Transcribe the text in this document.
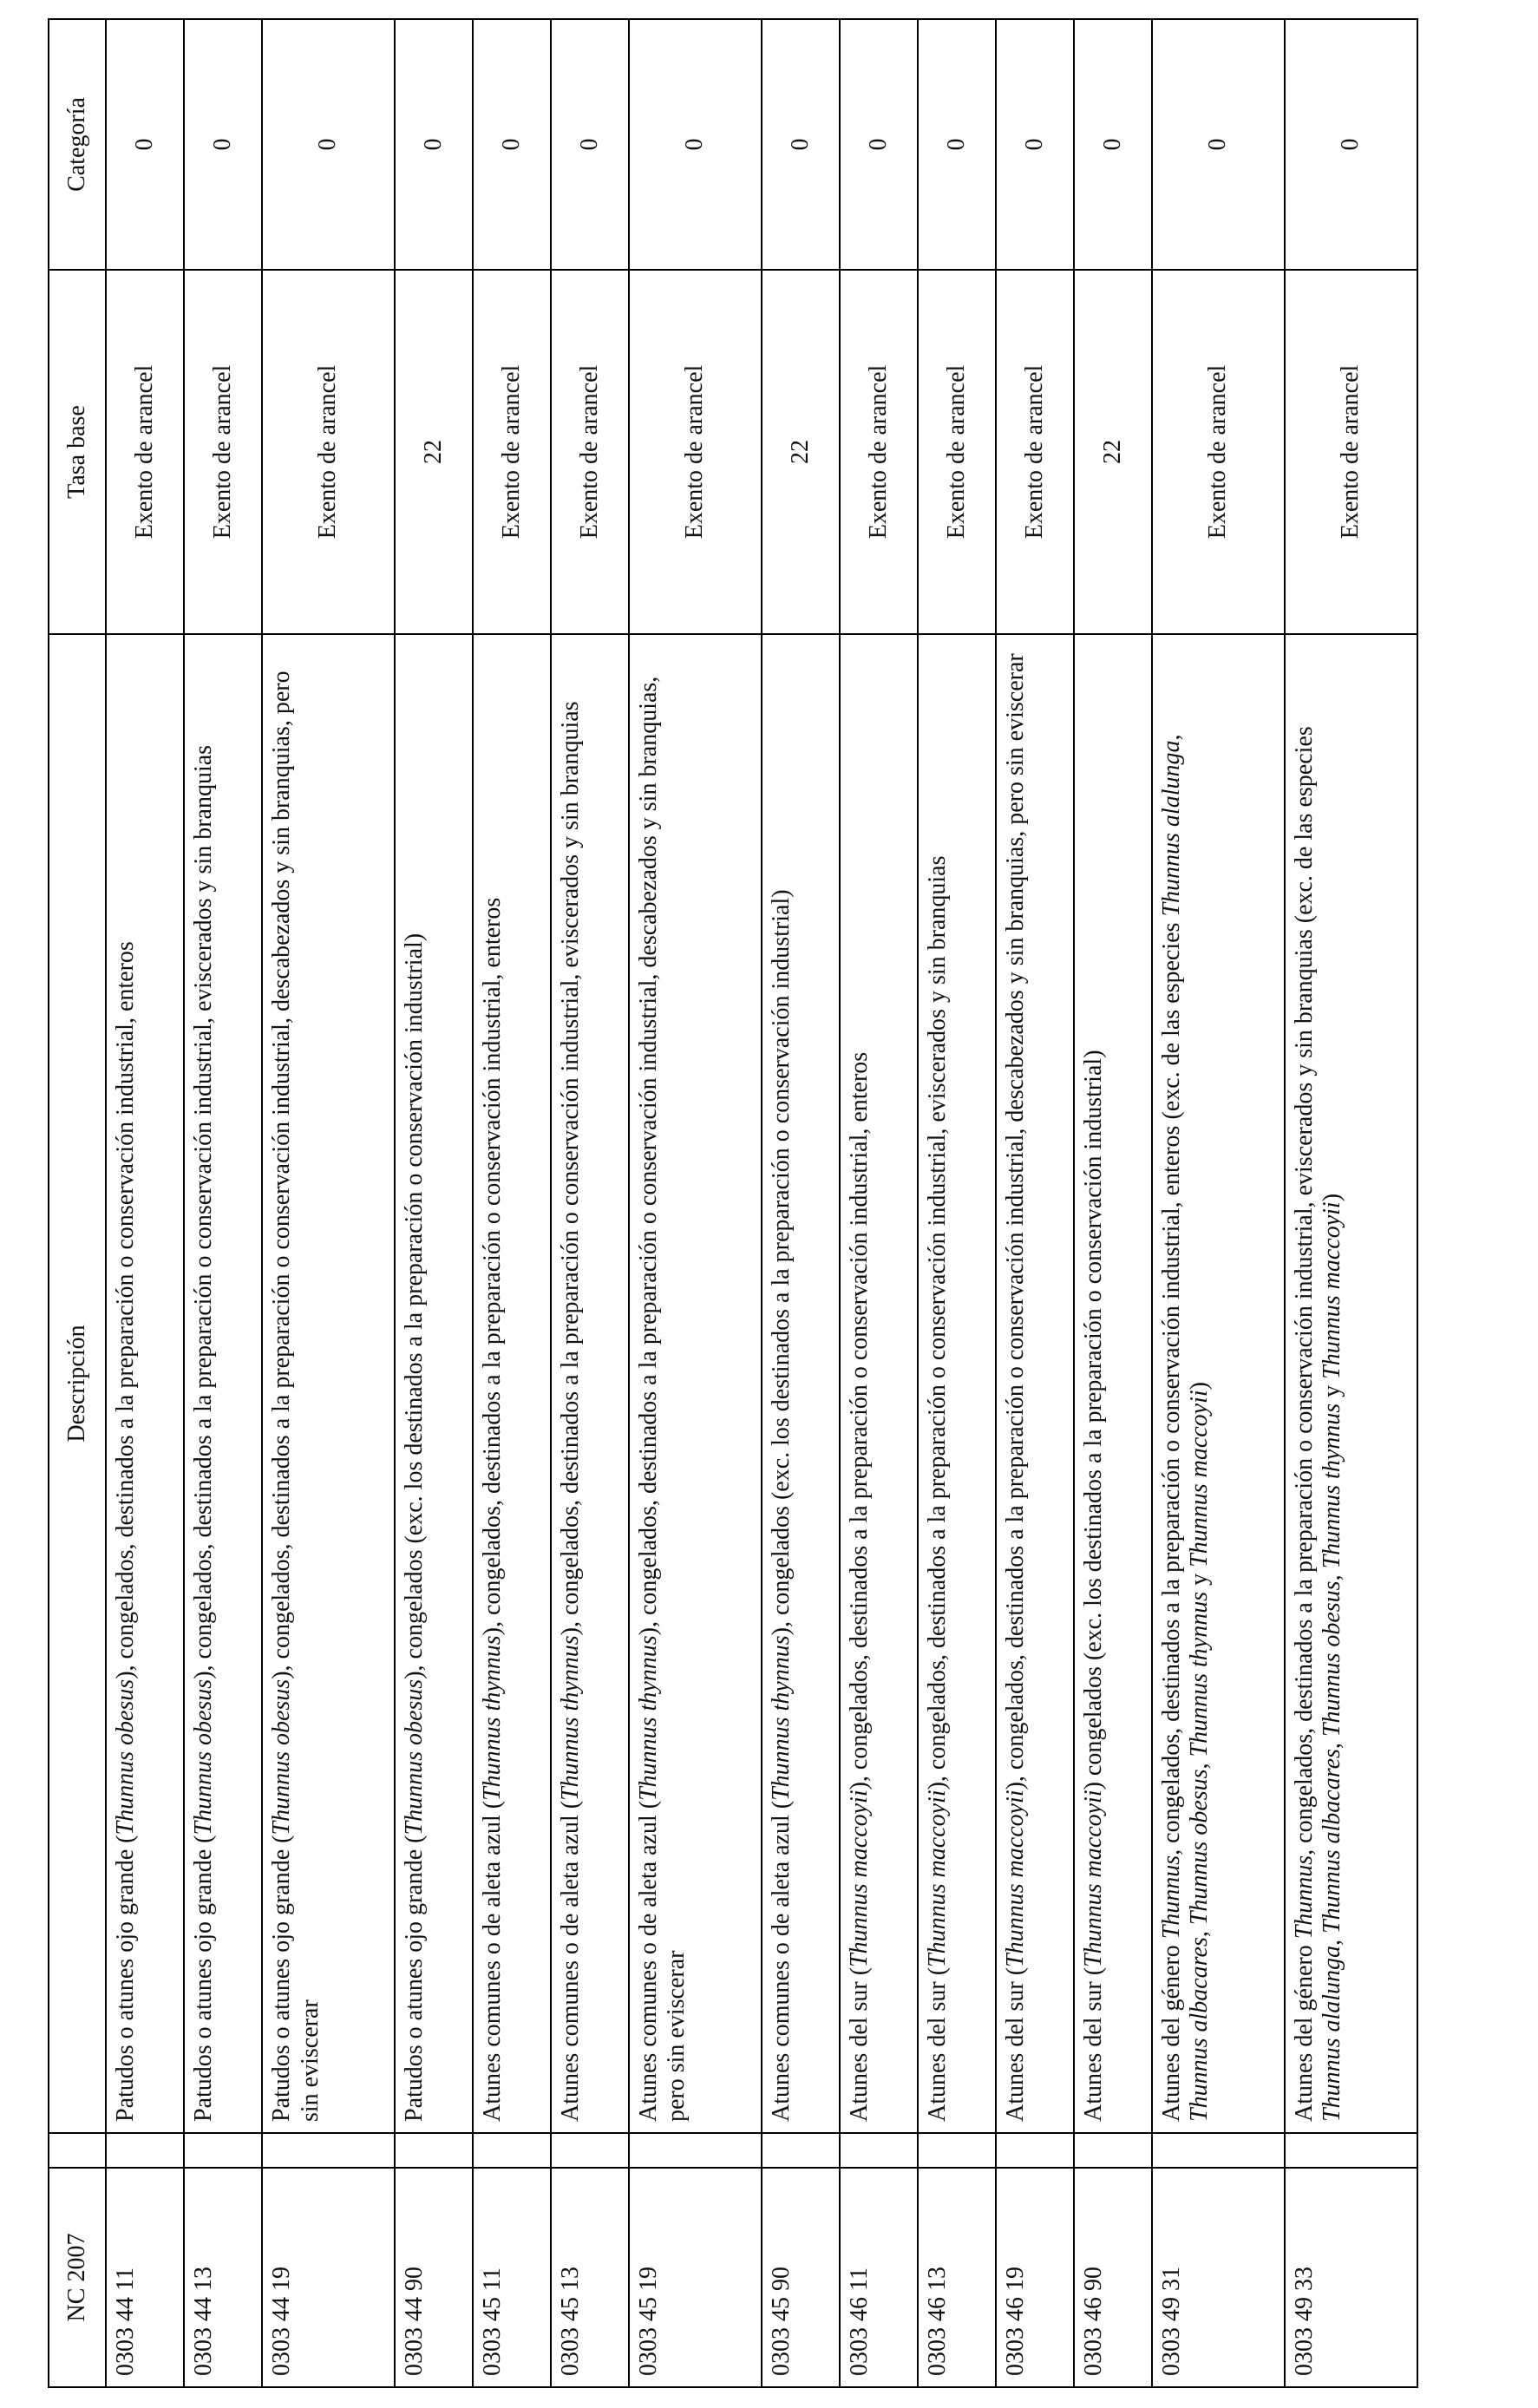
NC 2007		Descripción	Tasa base	Categoría
0303 44 11		Patudos o atunes ojo grande (Thunnus obesus), congelados, destinados a la preparación o conservación industrial, enteros	Exento de arancel	0
0303 44 13		Patudos o atunes ojo grande (Thunnus obesus), congelados, destinados a la preparación o conservación industrial, eviscerados y sin branquias	Exento de arancel	0
0303 44 19		Patudos o atunes ojo grande (Thunnus obesus), congelados, destinados a la preparación o conservación industrial, descabezados y sin branquias, pero sin eviscerar	Exento de arancel	0
0303 44 90		Patudos o atunes ojo grande (Thunnus obesus), congelados (exc. los destinados a la preparación o conservación industrial)	22	0
0303 45 11		Atunes comunes o de aleta azul (Thunnus thynnus), congelados, destinados a la preparación o conservación industrial, enteros	Exento de arancel	0
0303 45 13		Atunes comunes o de aleta azul (Thunnus thynnus), congelados, destinados a la preparación o conservación industrial, eviscerados y sin branquias	Exento de arancel	0
0303 45 19		Atunes comunes o de aleta azul (Thunnus thynnus), congelados, destinados a la preparación o conservación industrial, descabezados y sin branquias, pero sin eviscerar	Exento de arancel	0
0303 45 90		Atunes comunes o de aleta azul (Thunnus thynnus), congelados (exc. los destinados a la preparación o conservación industrial)	22	0
0303 46 11		Atunes del sur (Thunnus maccoyii), congelados, destinados a la preparación o conservación industrial, enteros	Exento de arancel	0
0303 46 13		Atunes del sur (Thunnus maccoyii), congelados, destinados a la preparación o conservación industrial, eviscerados y sin branquias	Exento de arancel	0
0303 46 19		Atunes del sur (Thunnus maccoyii), congelados, destinados a la preparación o conservación industrial, descabezados y sin branquias, pero sin eviscerar	Exento de arancel	0
0303 46 90		Atunes del sur (Thunnus maccoyii) congelados (exc. los destinados a la preparación o conservación industrial)	22	0
0303 49 31		Atunes del género Thunnus, congelados, destinados a la preparación o conservación industrial, enteros (exc. de las especies Thunnus alalunga, Thunnus albacares, Thunnus obesus, Thunnus thynnus y Thunnus maccoyii)	Exento de arancel	0
0303 49 33		Atunes del género Thunnus, congelados, destinados a la preparación o conservación industrial, eviscerados y sin branquias (exc. de las especies Thunnus alalunga, Thunnus albacares, Thunnus obesus, Thunnus thynnus y Thunnus maccoyii)	Exento de arancel	0
